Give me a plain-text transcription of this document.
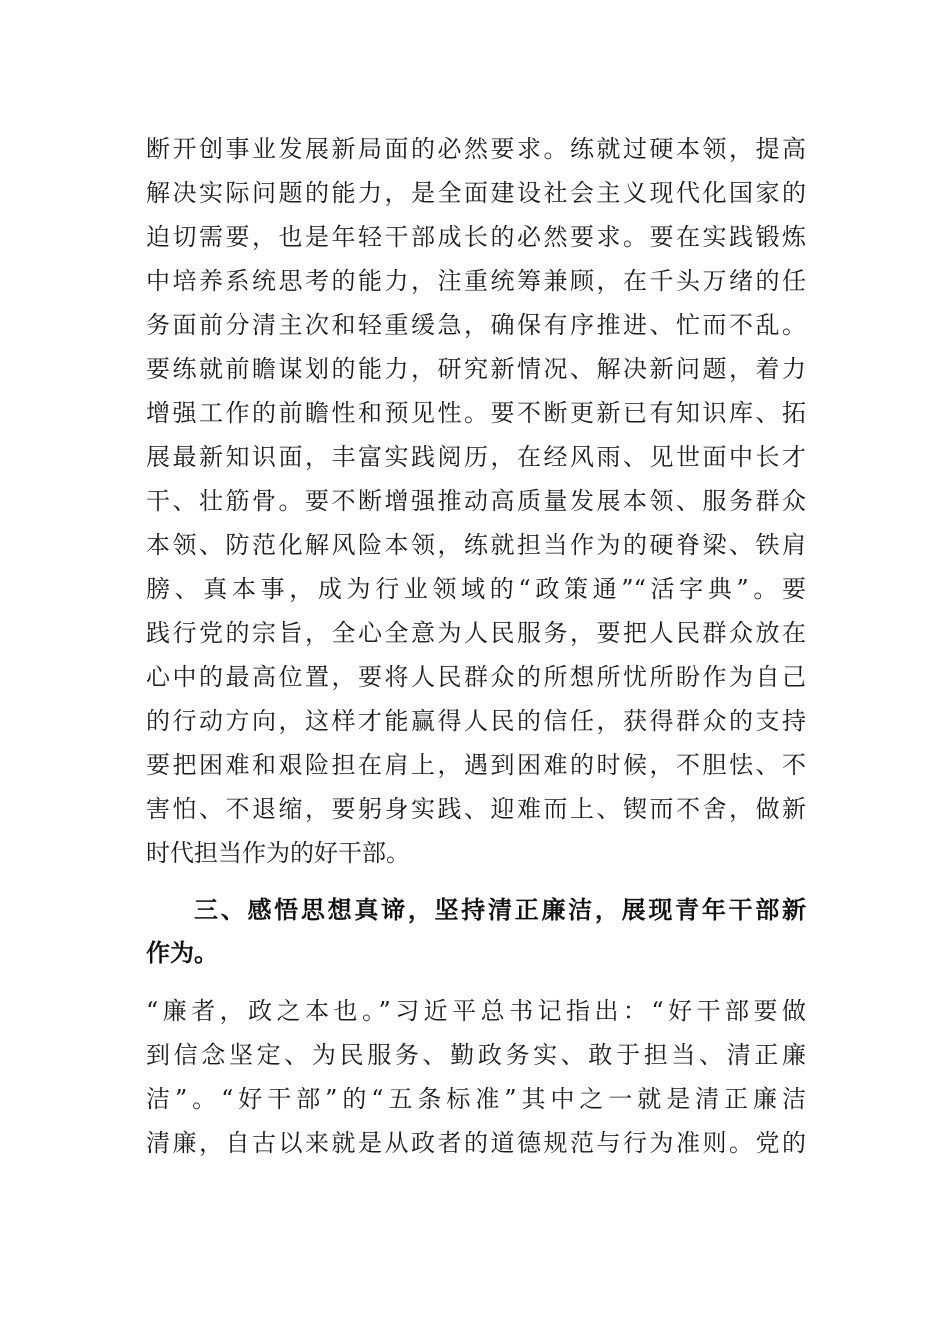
断开创事业发展新局面的必然要求。练就过硬本领，提高
解决实际问题的能力，是全面建设社会主义现代化国家的
迫切需要，也是年轻干部成长的必然要求。要在实践锻炼
中培养系统思考的能力，注重统筹兼顾，在千头万绪的任
务面前分清主次和轻重缓急，确保有序推进、忙而不乱。
要练就前瞻谋划的能力，研究新情况、解决新问题，着力
增强工作的前瞻性和预见性。要不断更新已有知识库、拓
展最新知识面，丰富实践阅历，在经风雨、见世面中长才
干、壮筋骨。要不断增强推动高质量发展本领、服务群众
本领、防范化解风险本领，练就担当作为的硬脊梁、铁肩
膀、真本事，成为行业领域的“政策通”“活字典”。要
践行党的宗旨，全心全意为人民服务，要把人民群众放在
心中的最高位置，要将人民群众的所想所忧所盼作为自己
的行动方向，这样才能赢得人民的信任，获得群众的支持
要把困难和艰险担在肩上，遇到困难的时候，不胆怯、不
害怕、不退缩，要躬身实践、迎难而上、锲而不舍，做新
时代担当作为的好干部。
三、感悟思想真谛，坚持清正廉洁，展现青年干部新
作为。
“廉者，政之本也。”习近平总书记指出：“好干部要做
到信念坚定、为民服务、勤政务实、敢于担当、清正廉
洁”。“好干部”的“五条标准”其中之一就是清正廉洁
清廉，自古以来就是从政者的道德规范与行为准则。党的
